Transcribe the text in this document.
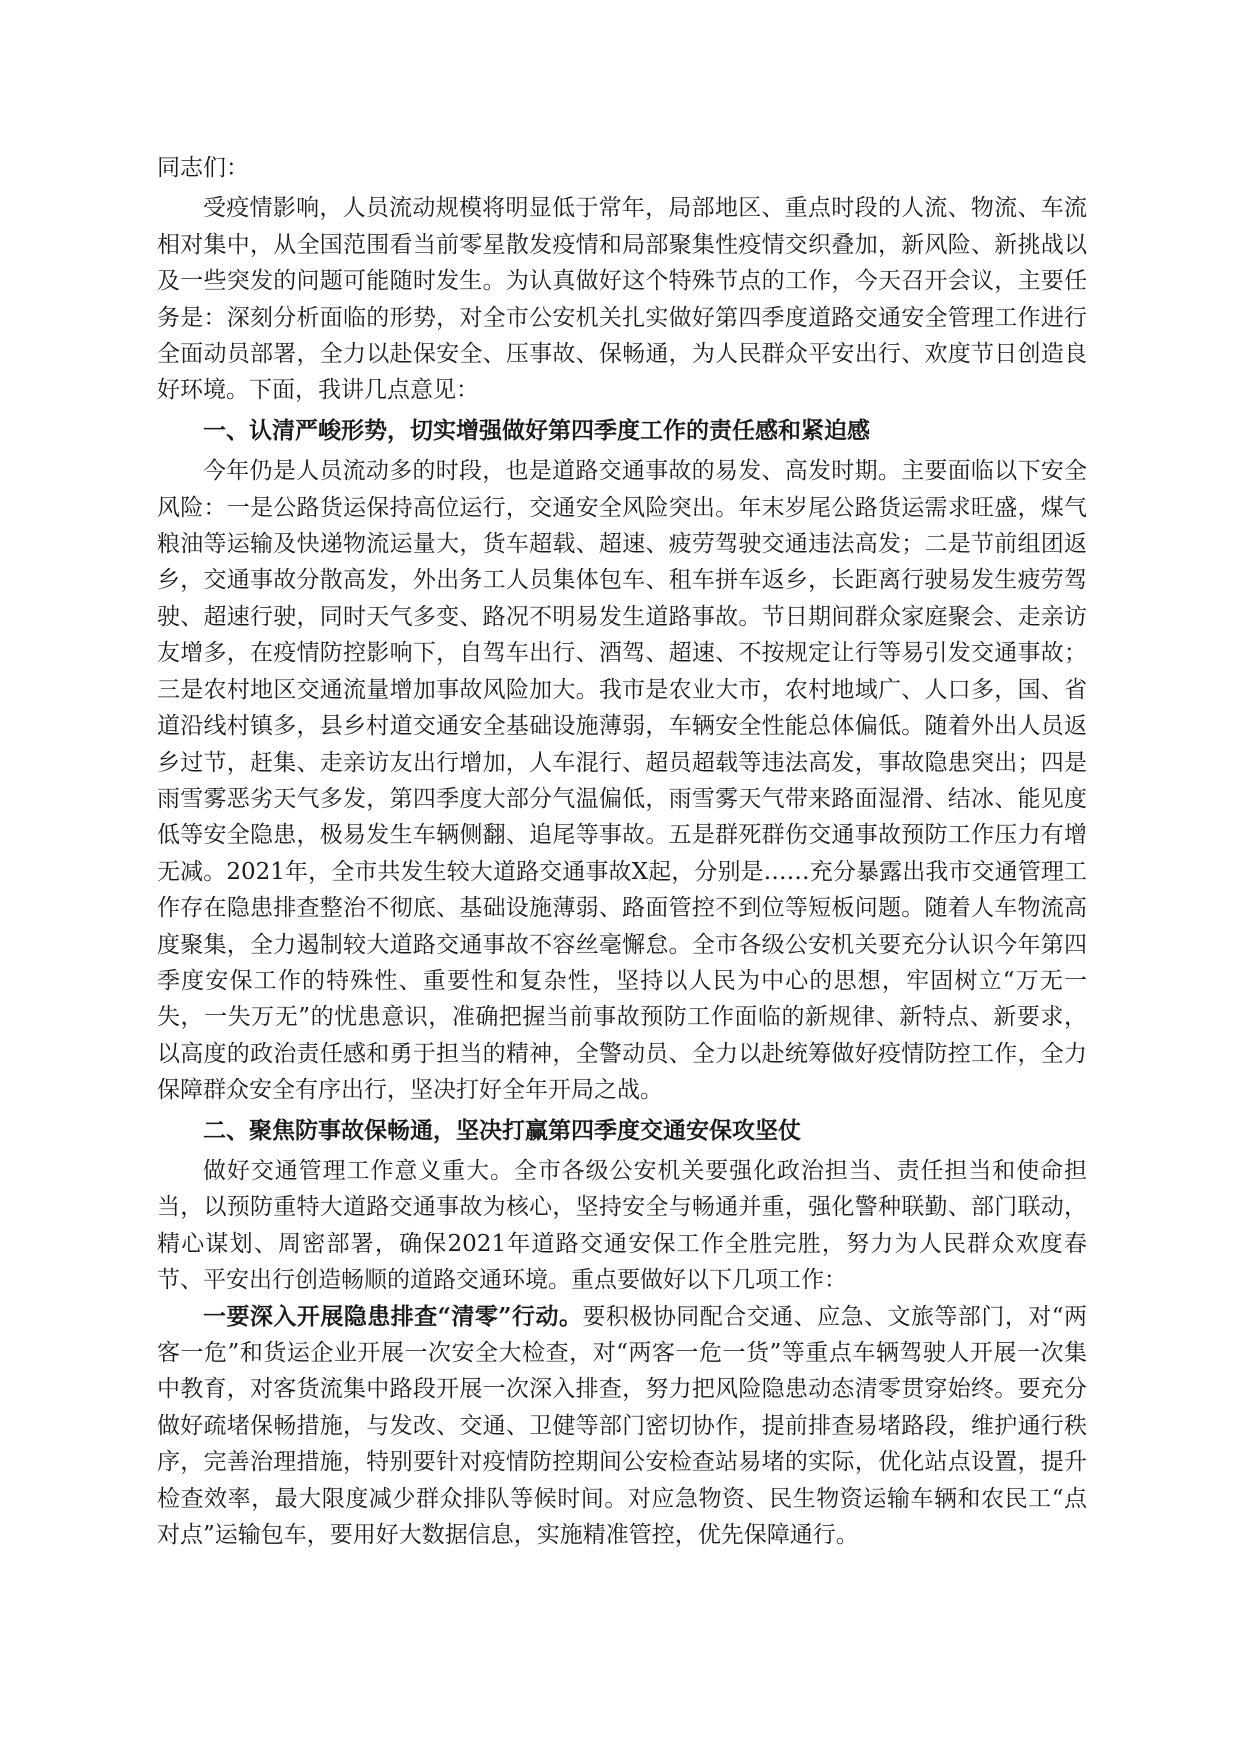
同志们：

受疫情影响，人员流动规模将明显低于常年，局部地区、重点时段的人流、物流、车流相对集中，从全国范围看当前零星散发疫情和局部聚集性疫情交织叠加，新风险、新挑战以及一些突发的问题可能随时发生。为认真做好这个特殊节点的工作，今天召开会议，主要任务是：深刻分析面临的形势，对全市公安机关扎实做好第四季度道路交通安全管理工作进行全面动员部署，全力以赴保安全、压事故、保畅通，为人民群众平安出行、欢度节日创造良好环境。下面，我讲几点意见：

一、认清严峻形势，切实增强做好第四季度工作的责任感和紧迫感

今年仍是人员流动多的时段，也是道路交通事故的易发、高发时期。主要面临以下安全风险：一是公路货运保持高位运行，交通安全风险突出。年末岁尾公路货运需求旺盛，煤气粮油等运输及快递物流运量大，货车超载、超速、疲劳驾驶交通违法高发；二是节前组团返乡，交通事故分散高发，外出务工人员集体包车、租车拼车返乡，长距离行驶易发生疲劳驾驶、超速行驶，同时天气多变、路况不明易发生道路事故。节日期间群众家庭聚会、走亲访友增多，在疫情防控影响下，自驾车出行、酒驾、超速、不按规定让行等易引发交通事故；三是农村地区交通流量增加事故风险加大。我市是农业大市，农村地域广、人口多，国、省道沿线村镇多，县乡村道交通安全基础设施薄弱，车辆安全性能总体偏低。随着外出人员返乡过节，赶集、走亲访友出行增加，人车混行、超员超载等违法高发，事故隐患突出；四是雨雪雾恶劣天气多发，第四季度大部分气温偏低，雨雪雾天气带来路面湿滑、结冰、能见度低等安全隐患，极易发生车辆侧翻、追尾等事故。五是群死群伤交通事故预防工作压力有增无减。2021年，全市共发生较大道路交通事故X起，分别是……充分暴露出我市交通管理工作存在隐患排查整治不彻底、基础设施薄弱、路面管控不到位等短板问题。随着人车物流高度聚集，全力遏制较大道路交通事故不容丝毫懈怠。全市各级公安机关要充分认识今年第四季度安保工作的特殊性、重要性和复杂性，坚持以人民为中心的思想，牢固树立“万无一失，一失万无”的忧患意识，准确把握当前事故预防工作面临的新规律、新特点、新要求，以高度的政治责任感和勇于担当的精神，全警动员、全力以赴统筹做好疫情防控工作，全力保障群众安全有序出行，坚决打好全年开局之战。

二、聚焦防事故保畅通，坚决打赢第四季度交通安保攻坚仗

做好交通管理工作意义重大。全市各级公安机关要强化政治担当、责任担当和使命担当，以预防重特大道路交通事故为核心，坚持安全与畅通并重，强化警种联勤、部门联动，精心谋划、周密部署，确保2021年道路交通安保工作全胜完胜，努力为人民群众欢度春节、平安出行创造畅顺的道路交通环境。重点要做好以下几项工作：

一要深入开展隐患排查“清零”行动。要积极协同配合交通、应急、文旅等部门，对“两客一危”和货运企业开展一次安全大检查，对“两客一危一货”等重点车辆驾驶人开展一次集中教育，对客货流集中路段开展一次深入排查，努力把风险隐患动态清零贯穿始终。要充分做好疏堵保畅措施，与发改、交通、卫健等部门密切协作，提前排查易堵路段，维护通行秩序，完善治理措施，特别要针对疫情防控期间公安检查站易堵的实际，优化站点设置，提升检查效率，最大限度减少群众排队等候时间。对应急物资、民生物资运输车辆和农民工“点对点”运输包车，要用好大数据信息，实施精准管控，优先保障通行。
